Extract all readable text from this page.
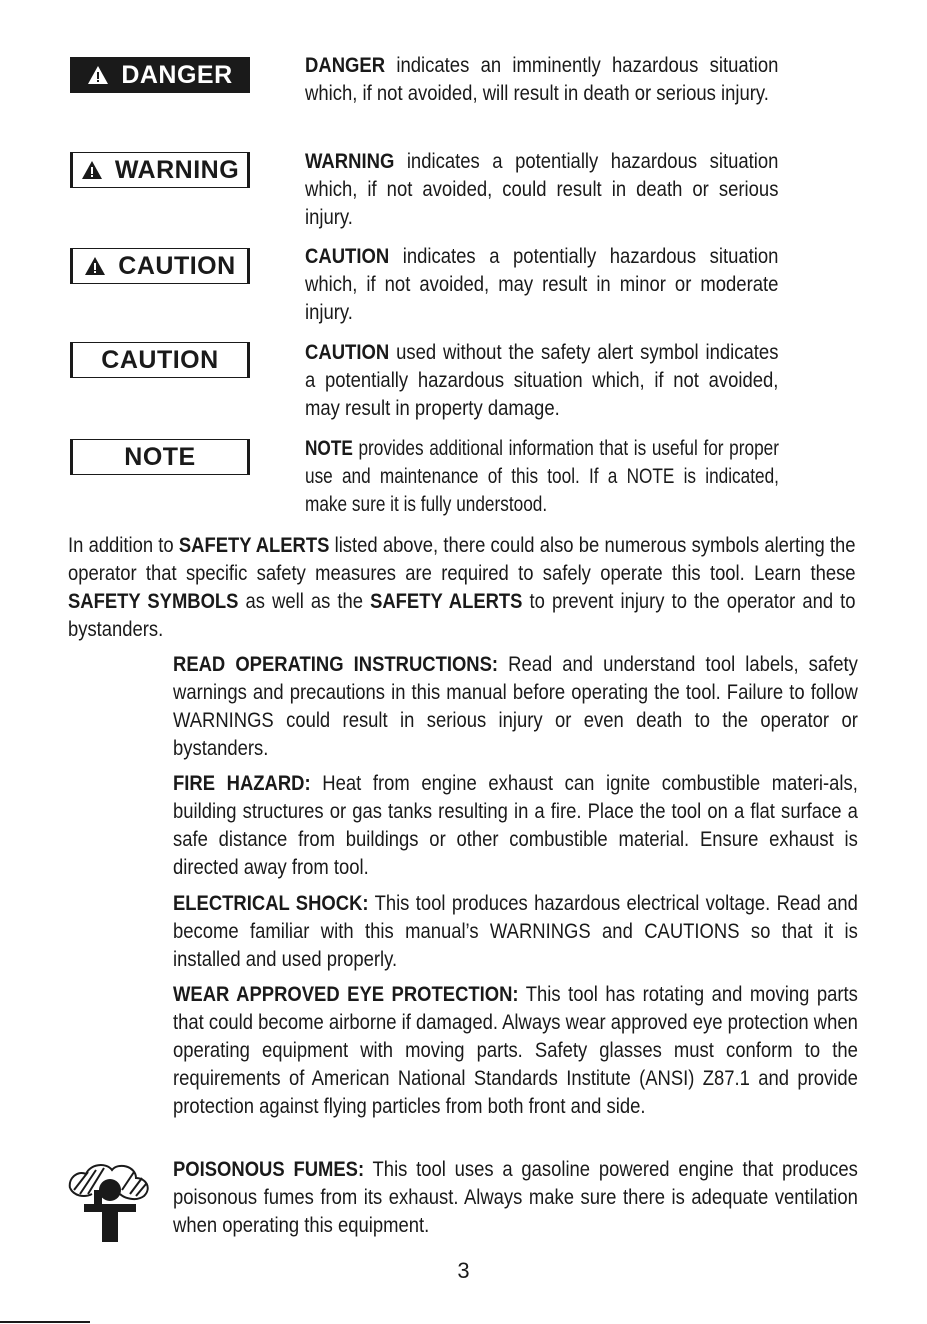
DANGER
WARNING
CAUTION
CAUTION
NOTE
DANGER indicates an imminently hazardous situation which, if not avoided, will result in death or serious injury.
WARNING indicates a potentially hazardous situation which, if not avoided, could result in death or serious injury.
CAUTION indicates a potentially hazardous situation which, if not avoided, may result in minor or moderate injury.
CAUTION used without the safety alert symbol indicates a potentially hazardous situation which, if not avoided, may result in property damage.
NOTE provides additional information that is useful for proper use and maintenance of this tool. If a NOTE is indicated, make sure it is fully understood.
In addition to SAFETY ALERTS listed above, there could also be numerous symbols alerting the operator that specific safety measures are required to safely operate this tool. Learn these SAFETY SYMBOLS as well as the SAFETY ALERTS to prevent injury to the operator and to bystanders.
READ OPERATING INSTRUCTIONS: Read and understand tool labels, safety warnings and precautions in this manual before operating the tool. Failure to follow WARNINGS could result in serious injury or even death to the operator or bystanders.
FIRE HAZARD: Heat from engine exhaust can ignite combustible materi-als, building structures or gas tanks resulting in a fire. Place the tool on a flat surface a safe distance from buildings or other combustible material. Ensure exhaust is directed away from tool.
ELECTRICAL SHOCK: This tool produces hazardous electrical voltage. Read and become familiar with this manual’s WARNINGS and CAUTIONS so that it is installed and used properly.
WEAR APPROVED EYE PROTECTION: This tool has rotating and moving parts that could become airborne if damaged. Always wear approved eye protection when operating equipment with moving parts. Safety glasses must conform to the requirements of American National Standards Institute (ANSI) Z87.1 and provide protection against flying particles from both front and side.
POISONOUS FUMES: This tool uses a gasoline powered engine that produces poisonous fumes from its exhaust. Always make sure there is adequate ventilation when operating this equipment.
3
